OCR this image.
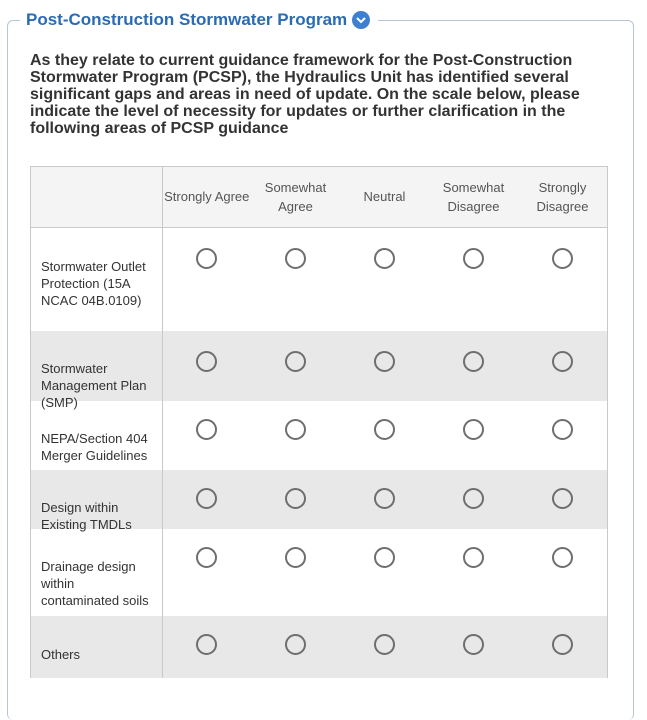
Post-Construction Stormwater Program
As they relate to current guidance framework for the Post-Construction Stormwater Program (PCSP), the Hydraulics Unit has identified several significant gaps and areas in need of update. On the scale below, please indicate the level of necessity for updates or further clarification in the following areas of PCSP guidance
	Strongly Agree	Somewhat Agree	Neutral	Somewhat Disagree	Strongly Disagree

Stormwater Outlet Protection (15A NCAC 04B.0109)					

Stormwater Management Plan (SMP)					

NEPA/Section 404 Merger Guidelines					

Design within Existing TMDLs					

Drainage design within contaminated soils					

Others					
